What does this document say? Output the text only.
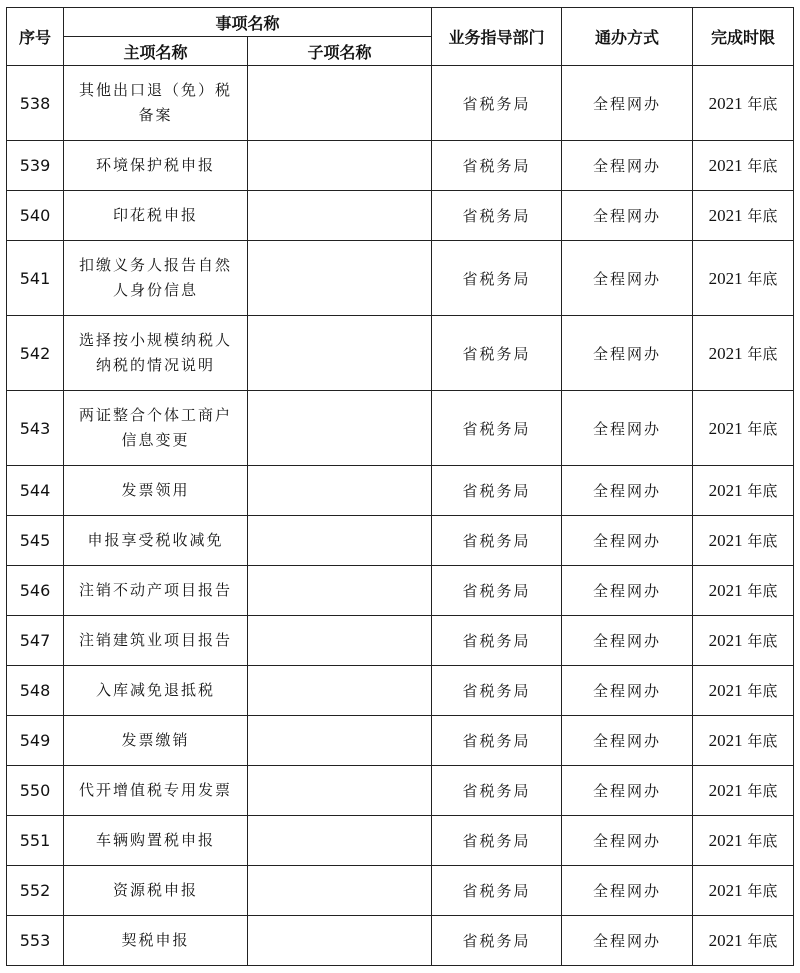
序号	事项名称		业务指导部门	通办方式	完成时限
	主项名称	子项名称			
538	其他出口退（免）税备案		省税务局	全程网办	2021 年底
539	环境保护税申报		省税务局	全程网办	2021 年底
540	印花税申报		省税务局	全程网办	2021 年底
541	扣缴义务人报告自然人身份信息		省税务局	全程网办	2021 年底
542	选择按小规模纳税人纳税的情况说明		省税务局	全程网办	2021 年底
543	两证整合个体工商户信息变更		省税务局	全程网办	2021 年底
544	发票领用		省税务局	全程网办	2021 年底
545	申报享受税收减免		省税务局	全程网办	2021 年底
546	注销不动产项目报告		省税务局	全程网办	2021 年底
547	注销建筑业项目报告		省税务局	全程网办	2021 年底
548	入库减免退抵税		省税务局	全程网办	2021 年底
549	发票缴销		省税务局	全程网办	2021 年底
550	代开增值税专用发票		省税务局	全程网办	2021 年底
551	车辆购置税申报		省税务局	全程网办	2021 年底
552	资源税申报		省税务局	全程网办	2021 年底
553	契税申报		省税务局	全程网办	2021 年底
